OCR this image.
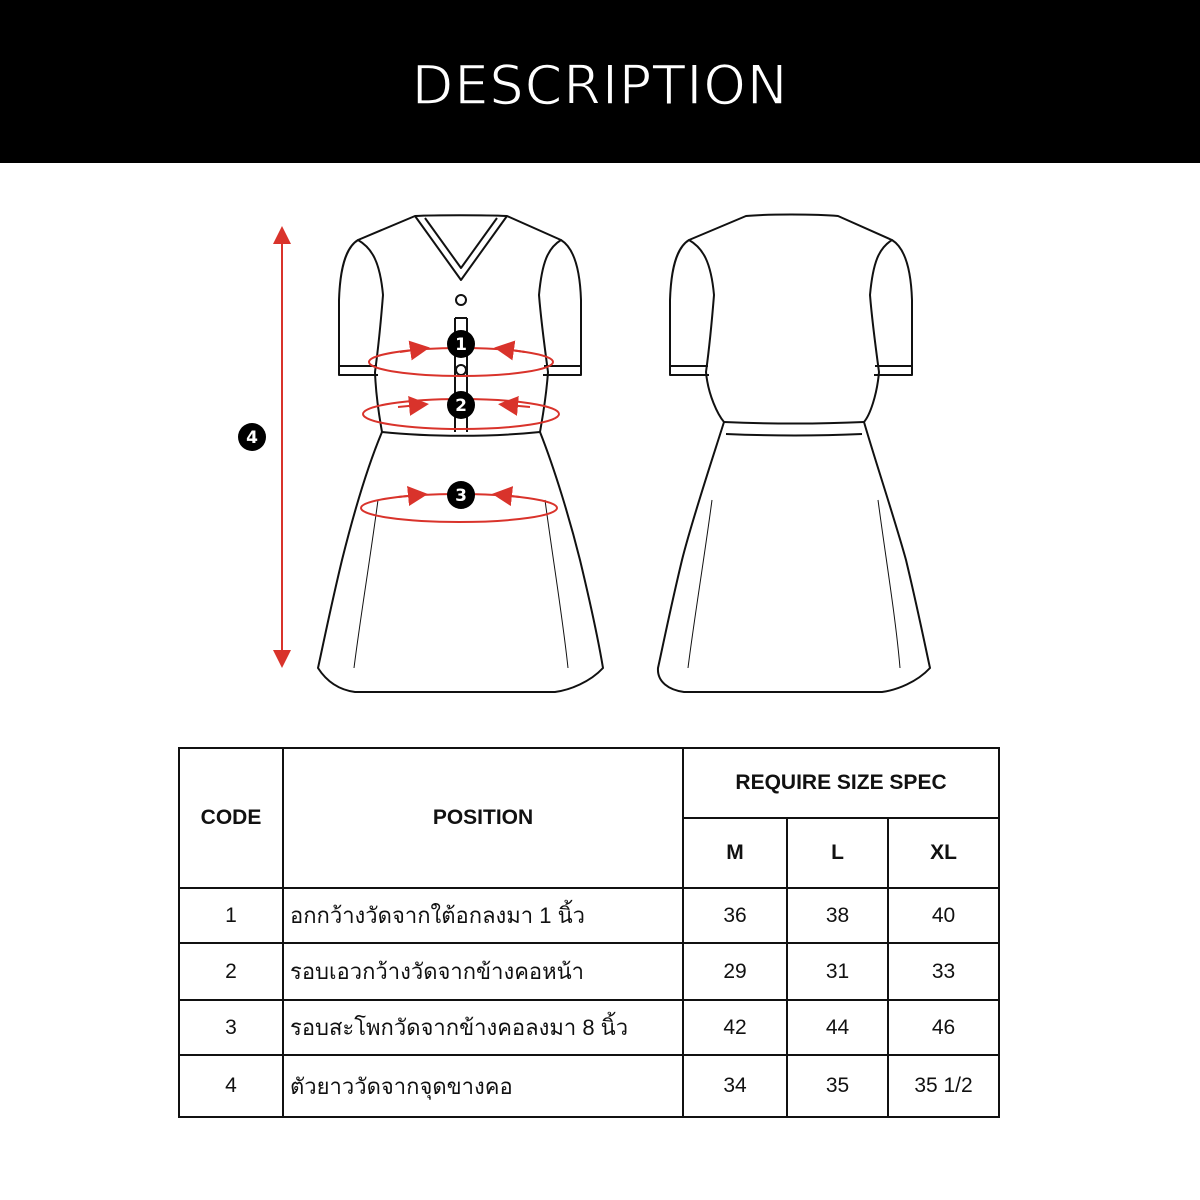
DESCRIPTION
1
2
3
4
CODE	POSITION	REQUIRE SIZE SPEC		
		M	L	XL
1	อกกว้างวัดจากใต้อกลงมา 1 นิ้ว	36	38	40
2	รอบเอวกว้างวัดจากข้างคอหน้า	29	31	33
3	รอบสะโพกวัดจากข้างคอลงมา 8 นิ้ว	42	44	46
4	ตัวยาววัดจากจุดขางคอ	34	35	35 1/2
